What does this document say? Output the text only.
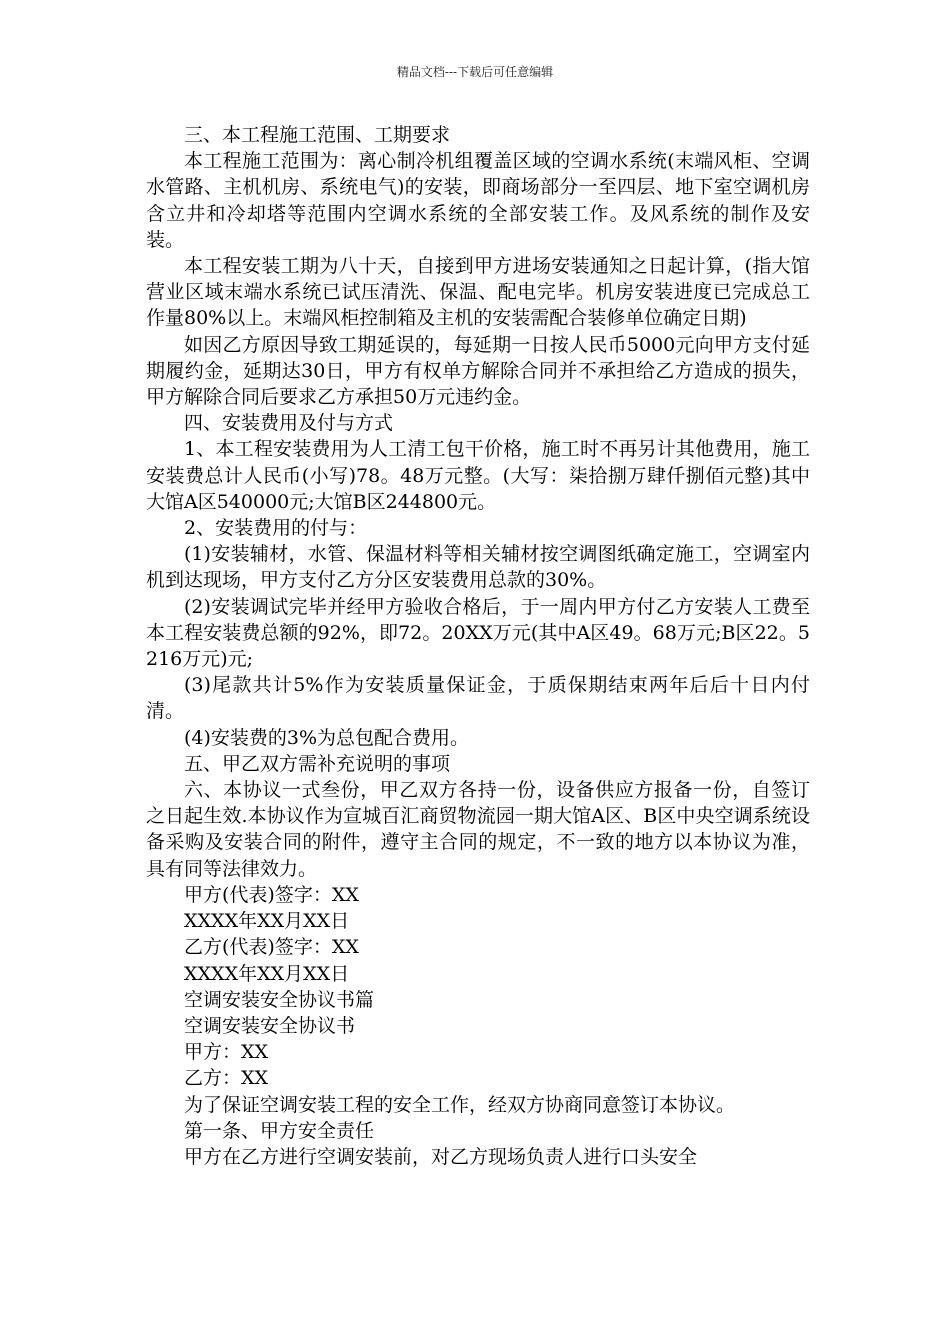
精品文档---下载后可任意编辑

三、本工程施工范围、工期要求

本工程施工范围为：离心制冷机组覆盖区域的空调水系统(末端风柜、空调水管路、主机机房、系统电气)的安装，即商场部分一至四层、地下室空调机房含立井和冷却塔等范围内空调水系统的全部安装工作。及风系统的制作及安装。

本工程安装工期为八十天，自接到甲方进场安装通知之日起计算，(指大馆营业区域末端水系统已试压清洗、保温、配电完毕。机房安装进度已完成总工作量80%以上。末端风柜控制箱及主机的安装需配合装修单位确定日期)

如因乙方原因导致工期延误的，每延期一日按人民币5000元向甲方支付延期履约金，延期达30日，甲方有权单方解除合同并不承担给乙方造成的损失，甲方解除合同后要求乙方承担50万元违约金。

四、安装费用及付与方式

1、本工程安装费用为人工清工包干价格，施工时不再另计其他费用，施工安装费总计人民币(小写)78。48万元整。(大写：柒拾捌万肆仟捌佰元整)其中大馆A区540000元;大馆B区244800元。

2、安装费用的付与：

(1)安装辅材，水管、保温材料等相关辅材按空调图纸确定施工，空调室内机到达现场，甲方支付乙方分区安装费用总款的30%。

(2)安装调试完毕并经甲方验收合格后，于一周内甲方付乙方安装人工费至本工程安装费总额的92%，即72。20XX万元(其中A区49。68万元;B区22。5216万元)元;

(3)尾款共计5%作为安装质量保证金，于质保期结束两年后后十日内付清。

(4)安装费的3%为总包配合费用。

五、甲乙双方需补充说明的事项

六、本协议一式叁份，甲乙双方各持一份，设备供应方报备一份，自签订之日起生效.本协议作为宣城百汇商贸物流园一期大馆A区、B区中央空调系统设备采购及安装合同的附件，遵守主合同的规定，不一致的地方以本协议为准，具有同等法律效力。

甲方(代表)签字：XX

XXXX年XX月XX日

乙方(代表)签字：XX

XXXX年XX月XX日

空调安装安全协议书篇

空调安装安全协议书

甲方：XX

乙方：XX

为了保证空调安装工程的安全工作，经双方协商同意签订本协议。

第一条、甲方安全责任

甲方在乙方进行空调安装前，对乙方现场负责人进行口头安全
